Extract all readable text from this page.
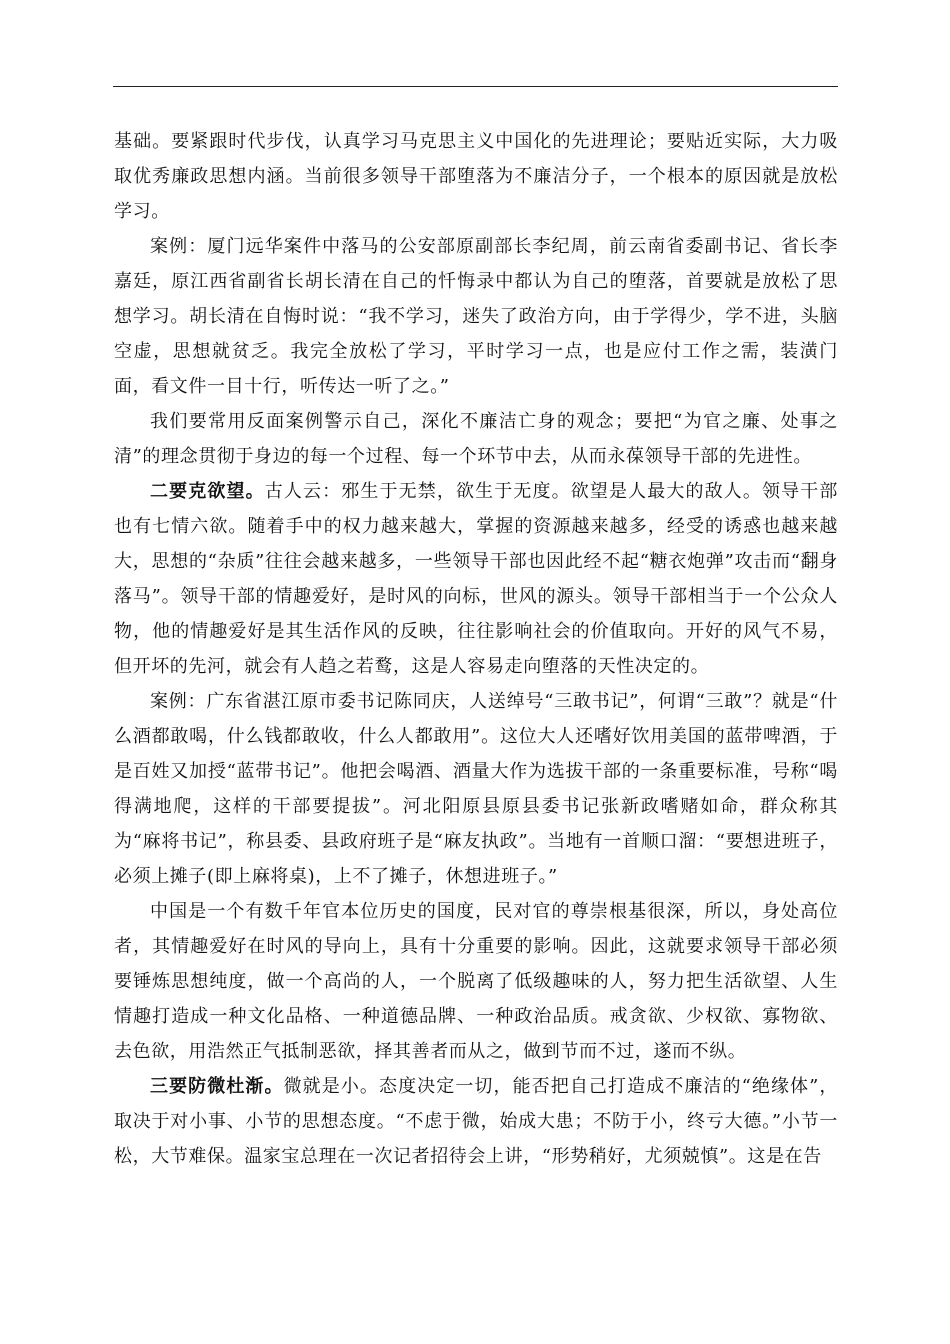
基础。要紧跟时代步伐，认真学习马克思主义中国化的先进理论；要贴近实际，大力吸取优秀廉政思想内涵。当前很多领导干部堕落为不廉洁分子，一个根本的原因就是放松学习。

案例：厦门远华案件中落马的公安部原副部长李纪周，前云南省委副书记、省长李嘉廷，原江西省副省长胡长清在自己的忏悔录中都认为自己的堕落，首要就是放松了思想学习。胡长清在自悔时说：“我不学习，迷失了政治方向，由于学得少，学不进，头脑空虚，思想就贫乏。我完全放松了学习，平时学习一点，也是应付工作之需，装潢门面，看文件一目十行，听传达一听了之。”

我们要常用反面案例警示自己，深化不廉洁亡身的观念；要把“为官之廉、处事之清”的理念贯彻于身边的每一个过程、每一个环节中去，从而永葆领导干部的先进性。

二要克欲望。古人云：邪生于无禁，欲生于无度。欲望是人最大的敌人。领导干部也有七情六欲。随着手中的权力越来越大，掌握的资源越来越多，经受的诱惑也越来越大，思想的“杂质”往往会越来越多，一些领导干部也因此经不起“糖衣炮弹”攻击而“翻身落马”。领导干部的情趣爱好，是时风的向标，世风的源头。领导干部相当于一个公众人物，他的情趣爱好是其生活作风的反映，往往影响社会的价值取向。开好的风气不易，但开坏的先河，就会有人趋之若鹜，这是人容易走向堕落的天性决定的。

案例：广东省湛江原市委书记陈同庆，人送绰号“三敢书记”，何谓“三敢”？就是“什么酒都敢喝，什么钱都敢收，什么人都敢用”。这位大人还嗜好饮用美国的蓝带啤酒，于是百姓又加授“蓝带书记”。他把会喝酒、酒量大作为选拔干部的一条重要标准，号称“喝得满地爬，这样的干部要提拔”。河北阳原县原县委书记张新政嗜赌如命，群众称其为“麻将书记”，称县委、县政府班子是“麻友执政”。当地有一首顺口溜：“要想进班子，必须上摊子(即上麻将桌)，上不了摊子，休想进班子。”

中国是一个有数千年官本位历史的国度，民对官的尊崇根基很深，所以，身处高位者，其情趣爱好在时风的导向上，具有十分重要的影响。因此，这就要求领导干部必须要锤炼思想纯度，做一个高尚的人，一个脱离了低级趣味的人，努力把生活欲望、人生情趣打造成一种文化品格、一种道德品牌、一种政治品质。戒贪欲、少权欲、寡物欲、去色欲，用浩然正气抵制恶欲，择其善者而从之，做到节而不过，遂而不纵。

三要防微杜渐。微就是小。态度决定一切，能否把自己打造成不廉洁的“绝缘体”，取决于对小事、小节的思想态度。“不虑于微，始成大患；不防于小，终亏大德。”小节一松，大节难保。温家宝总理在一次记者招待会上讲，“形势稍好，尤须兢慎”。这是在告
